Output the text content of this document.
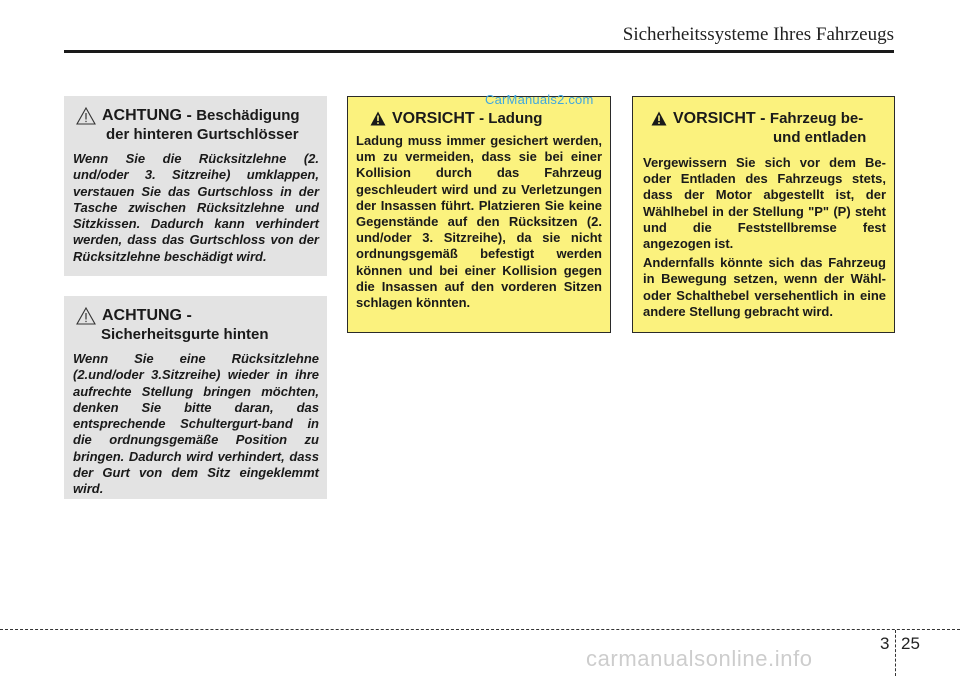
Sicherheitssysteme Ihres Fahrzeugs
ACHTUNG - Beschädigung
der hinteren Gurtschlösser

Wenn Sie die Rücksitzlehne (2. und/oder 3. Sitzreihe) umklappen, verstauen Sie das Gurtschloss in der Tasche zwischen Rücksitzlehne und Sitzkissen. Dadurch kann verhindert werden, dass das Gurtschloss von der Rücksitzlehne beschädigt wird.

ACHTUNG -
Sicherheitsgurte hinten

Wenn Sie eine Rücksitzlehne (2.und/oder 3.Sitzreihe) wieder in ihre aufrechte Stellung bringen möchten, denken Sie bitte daran, das entsprechende Schultergurt-band in die ordnungsgemäße Position zu bringen. Dadurch wird verhindert, dass der Gurt von dem Sitz eingeklemmt wird.

VORSICHT - Ladung

Ladung muss immer gesichert werden, um zu vermeiden, dass sie bei einer Kollision durch das Fahrzeug geschleudert wird und zu Verletzungen der Insassen führt. Platzieren Sie keine Gegenstände auf den Rücksitzen (2. und/oder 3. Sitzreihe), da sie nicht ordnungsgemäß befestigt werden können und bei einer Kollision gegen die Insassen auf den vorderen Sitzen schlagen könnten.

CarManuals2.com
VORSICHT - Fahrzeug be-
und entladen

Vergewissern Sie sich vor dem Be- oder Entladen des Fahrzeugs stets, dass der Motor abgestellt ist, der Wählhebel in der Stellung "P" (P) steht und die Feststellbremse fest angezogen ist.

Andernfalls könnte sich das Fahrzeug in Bewegung setzen, wenn der Wähl- oder Schalthebel versehentlich in eine andere Stellung gebracht wird.

3 25
carmanualsonline.info
